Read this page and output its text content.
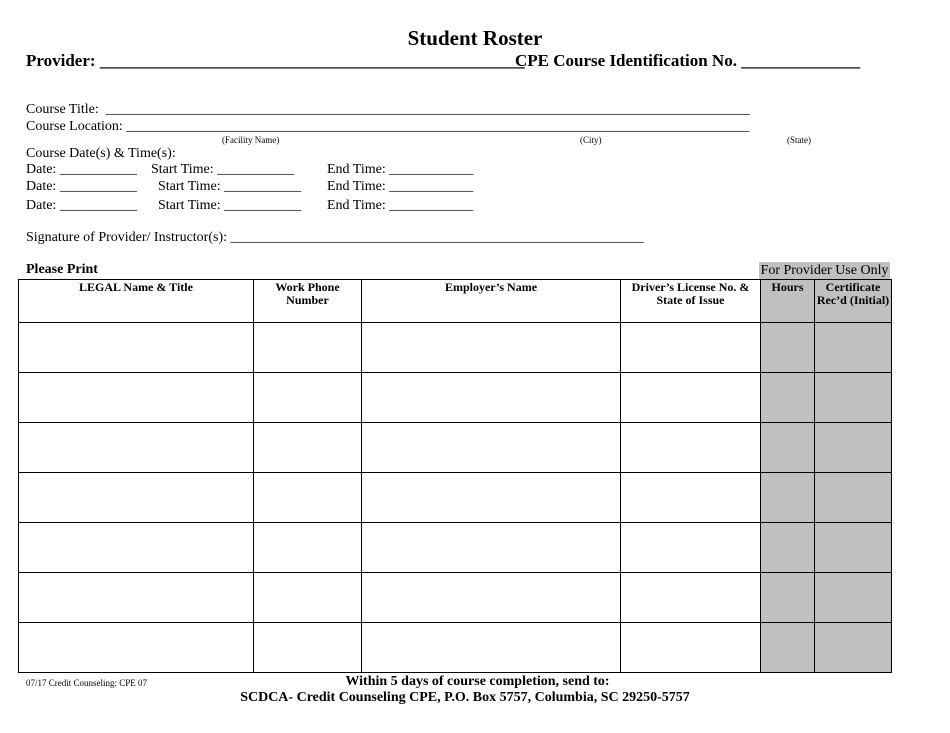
Student Roster
Provider: __________________________________________________
CPE Course Identification No. ______________
Course Title:  ____________________________________________________________________________________________
Course Location: _________________________________________________________________________________________
(Facility Name)	(City)	(State)
Course Date(s) & Time(s):
Date: ___________ Start Time: ___________ End Time: ____________
Date: ___________ Start Time: ___________ End Time: ____________
Date: ___________ Start Time: ___________ End Time: ____________
Signature of Provider/ Instructor(s): ___________________________________________________________
Please Print	For Provider Use Only
LEGAL Name & Title	Work Phone Number	Employer’s Name	Driver’s License No. & State of Issue	Hours	Certificate Rec’d (Initial)

07/17 Credit Counseling: CPE 07	Within 5 days of course completion, send to:
SCDCA- Credit Counseling CPE, P.O. Box 5757, Columbia, SC 29250-5757
